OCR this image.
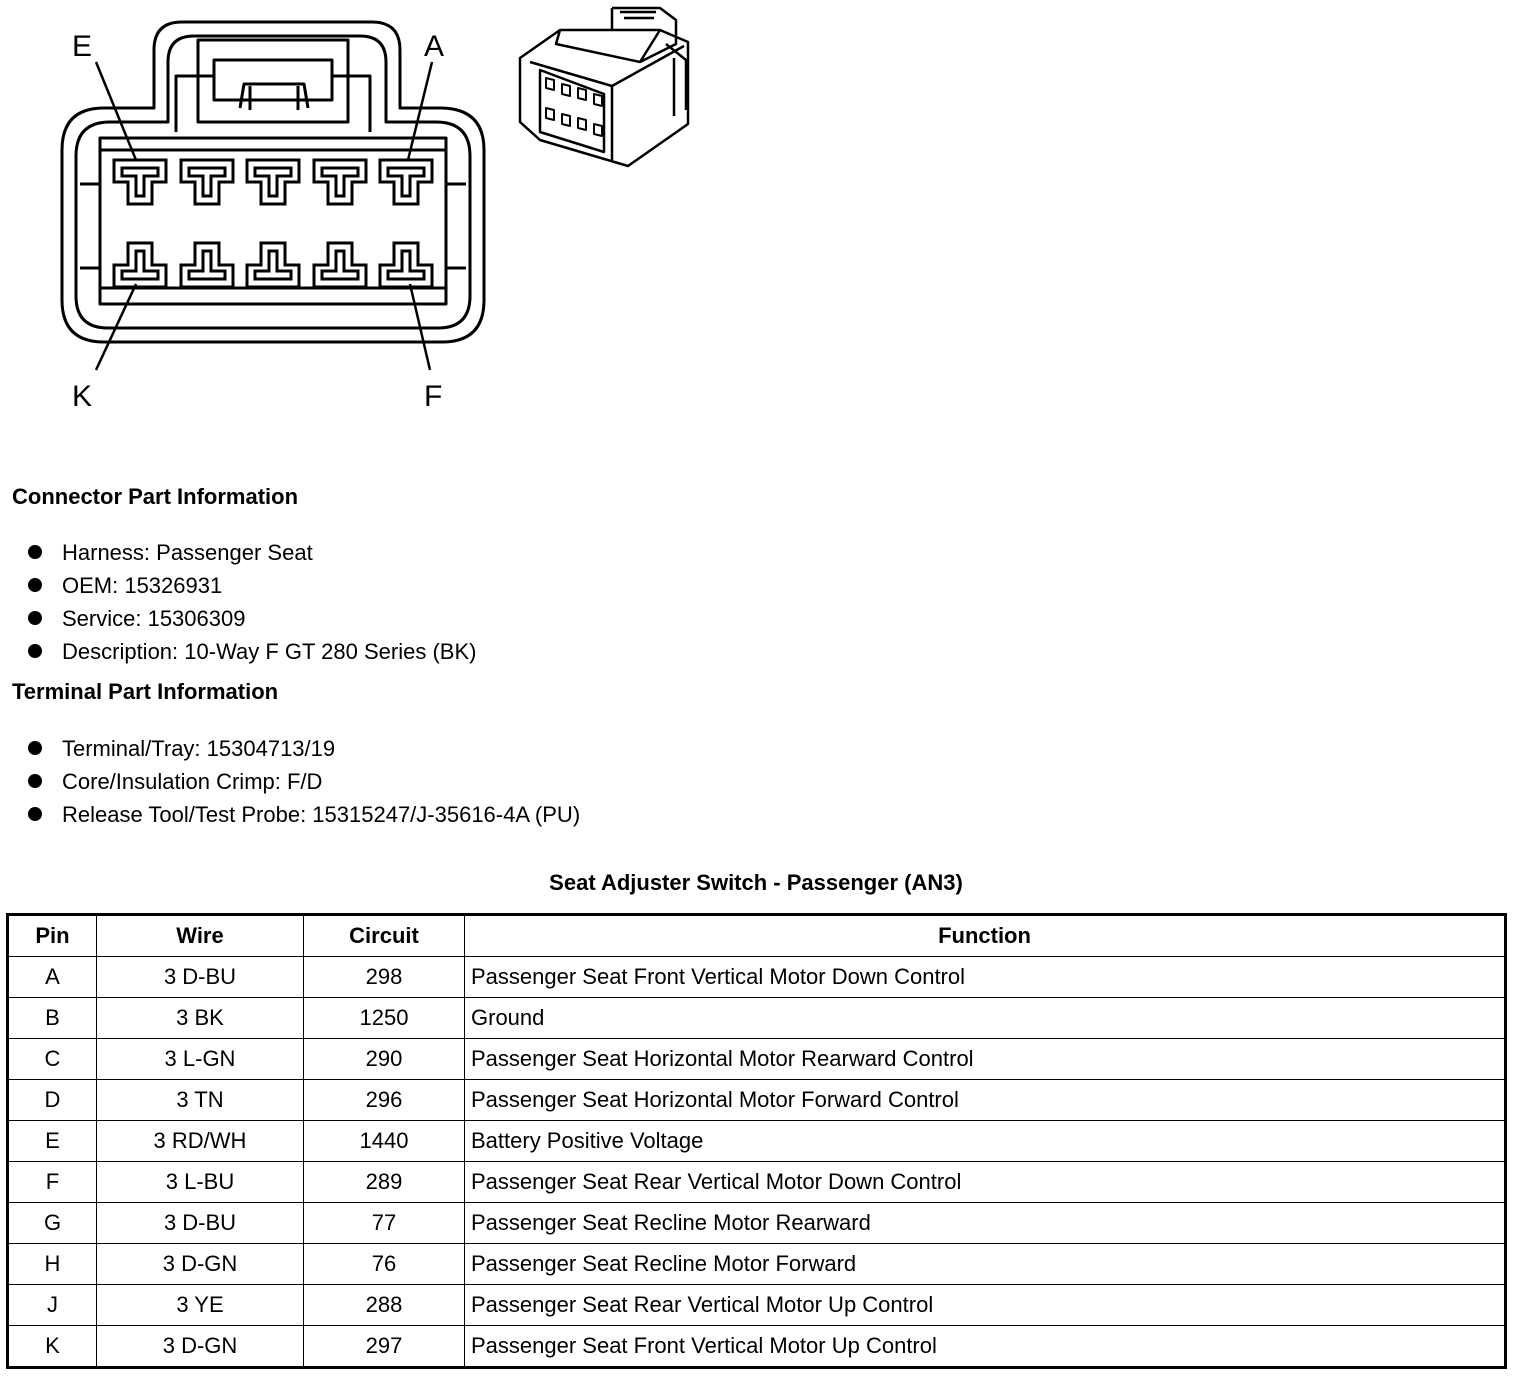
E	A
K	F
Connector Part Information
Harness: Passenger Seat
OEM: 15326931
Service: 15306309
Description: 10-Way F GT 280 Series (BK)
Terminal Part Information
Terminal/Tray: 15304713/19
Core/Insulation Crimp: F/D
Release Tool/Test Probe: 15315247/J-35616-4A (PU)
Seat Adjuster Switch - Passenger (AN3)
Pin	Wire	Circuit	Function
A	3 D-BU	298	Passenger Seat Front Vertical Motor Down Control
B	3 BK	1250	Ground
C	3 L-GN	290	Passenger Seat Horizontal Motor Rearward Control
D	3 TN	296	Passenger Seat Horizontal Motor Forward Control
E	3 RD/WH	1440	Battery Positive Voltage
F	3 L-BU	289	Passenger Seat Rear Vertical Motor Down Control
G	3 D-BU	77	Passenger Seat Recline Motor Rearward
H	3 D-GN	76	Passenger Seat Recline Motor Forward
J	3 YE	288	Passenger Seat Rear Vertical Motor Up Control
K	3 D-GN	297	Passenger Seat Front Vertical Motor Up Control
